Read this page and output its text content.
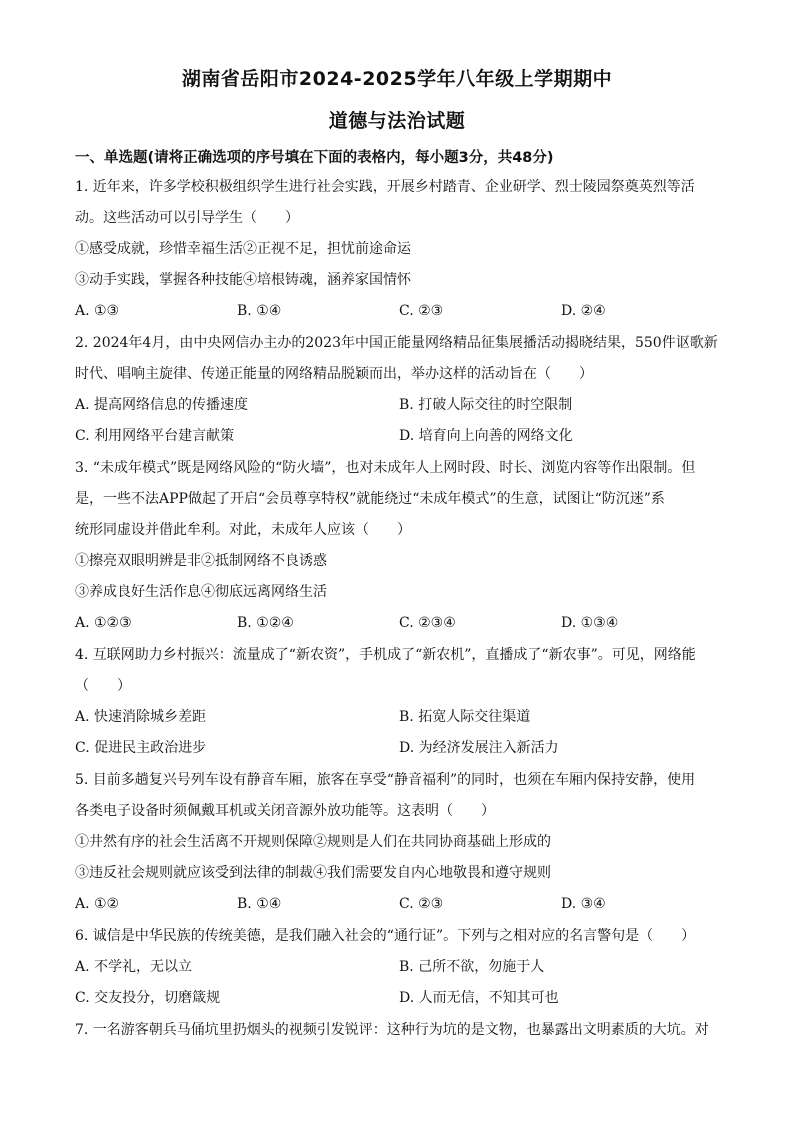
湖南省岳阳市2024-2025学年八年级上学期期中
道德与法治试题
一、单选题(请将正确选项的序号填在下面的表格内，每小题3分，共48分)
1. 近年来，许多学校积极组织学生进行社会实践，开展乡村踏青、企业研学、烈士陵园祭奠英烈等活
动。这些活动可以引导学生（　　）
①感受成就，珍惜幸福生活②正视不足，担忧前途命运
③动手实践，掌握各种技能④培根铸魂，涵养家国情怀
A. ①③	B. ①④	C. ②③	D. ②④
2. 2024年4月，由中央网信办主办的2023年中国正能量网络精品征集展播活动揭晓结果，550件讴歌新
时代、唱响主旋律、传递正能量的网络精品脱颖而出，举办这样的活动旨在（　　）
A. 提高网络信息的传播速度	B. 打破人际交往的时空限制
C. 利用网络平台建言献策	D. 培育向上向善的网络文化
3. “未成年模式”既是网络风险的“防火墙”，也对未成年人上网时段、时长、浏览内容等作出限制。但
是，一些不法APP做起了开启“会员尊享特权”就能绕过“未成年模式”的生意，试图让“防沉迷”系
统形同虚设并借此牟利。对此，未成年人应该（　　）
①擦亮双眼明辨是非②抵制网络不良诱惑
③养成良好生活作息④彻底远离网络生活
A. ①②③	B. ①②④	C. ②③④	D. ①③④
4. 互联网助力乡村振兴：流量成了“新农资”，手机成了“新农机”，直播成了“新农事”。可见，网络能
（　　）
A. 快速消除城乡差距	B. 拓宽人际交往渠道
C. 促进民主政治进步	D. 为经济发展注入新活力
5. 目前多趟复兴号列车设有静音车厢，旅客在享受“静音福利”的同时，也须在车厢内保持安静，使用
各类电子设备时须佩戴耳机或关闭音源外放功能等。这表明（　　）
①井然有序的社会生活离不开规则保障②规则是人们在共同协商基础上形成的
③违反社会规则就应该受到法律的制裁④我们需要发自内心地敬畏和遵守规则
A. ①②	B. ①④	C. ②③	D. ③④
6. 诚信是中华民族的传统美德，是我们融入社会的“通行证”。下列与之相对应的名言警句是（　　）
A. 不学礼，无以立	B. 己所不欲，勿施于人
C. 交友投分，切磨箴规	D. 人而无信，不知其可也
7. 一名游客朝兵马俑坑里扔烟头的视频引发锐评：这种行为坑的是文物，也暴露出文明素质的大坑。对
